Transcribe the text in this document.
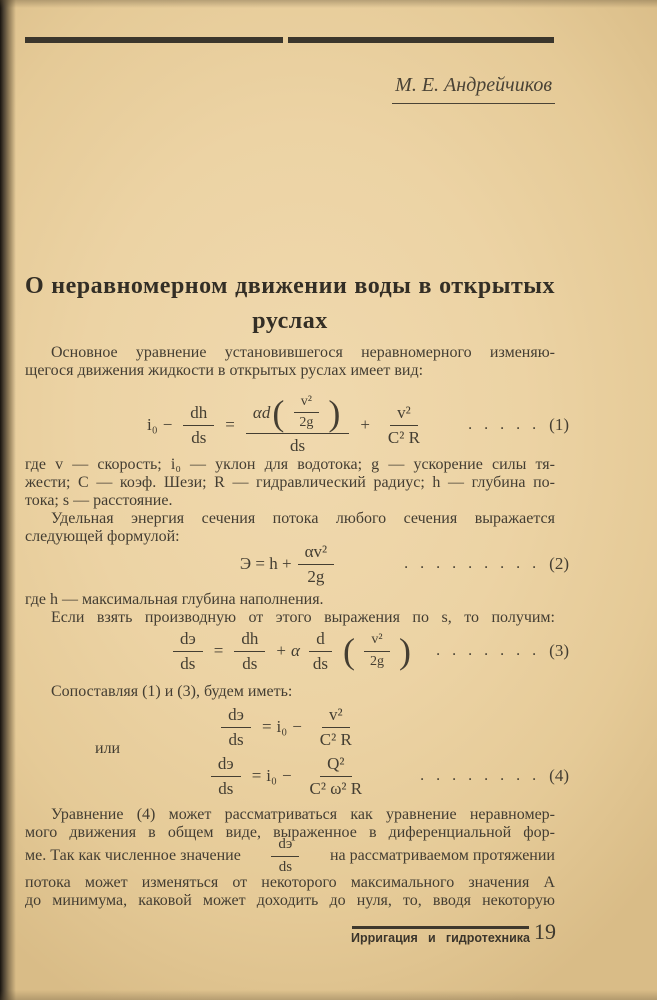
М. Е. Андрейчиков
О неравномерном движении воды в открытых
руслах
Основное уравнение установившегося неравномерного изменяю-
щегося движения жидкости в открытых руслах имеет вид:
$i_0 - \frac{dh}{ds}$ =
αd ( $\frac{\text{v²}}{2g}$ )
ds
+ $\frac{\text{v²}}{\text{C² R}}$	. . . . . (1)
где v — скорость; i₀ — уклон для водотока; g — ускорение силы тя-
жести; С — коэф. Шези; R — гидравлический радиус; h — глубина по-
тока; s — расстояние.
Удельная энергия сечения потока любого сечения выражается
следующей формулой:
$Э = h + \frac{\text{αv²}}{2g}$	. . . . . . . . . (2)
где h — максимальная глубина наполнения.
Если взять производную от этого выражения по s, то получим:
$\frac{dэ}{ds} = \frac{dh}{ds} + \alpha \frac{d}{ds}$ ( $\frac{\text{v²}}{2g}$ ) . . . . . . . (3)
Сопоставляя (1) и (3), будем иметь:
$\frac{dэ}{ds} = i_0 - \frac{\text{v²}}{\text{C² R}}$
или
$\frac{dэ}{ds} = i_0 - \frac{\text{Q²}}{\text{C² ω² R}}$	. . . . . . . . (4)
Уравнение (4) может рассматриваться как уравнение неравномер-
мого движения в общем виде, выраженное в диференциальной фор-
ме. Так как численное значение $\frac{dэ}{ds}$ на рассматриваемом протяжении
потока может изменяться от некоторого максимального значения А
до минимума, каковой может доходить до нуля, то, вводя некоторую
Ирригация и гидротехника 19
